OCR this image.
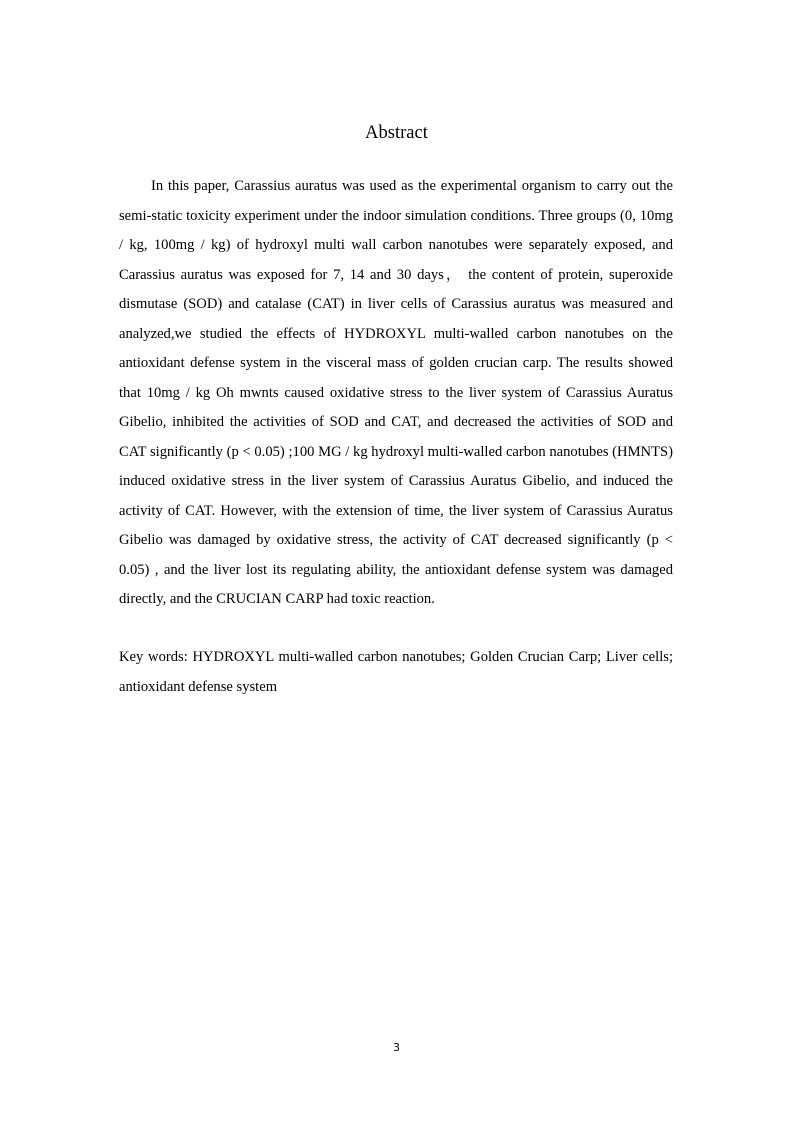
Abstract

In this paper, Carassius auratus was used as the experimental organism to carry out the semi-static toxicity experiment under the indoor simulation conditions. Three groups (0, 10mg / kg, 100mg / kg) of hydroxyl multi wall carbon nanotubes were separately exposed, and Carassius auratus was exposed for 7, 14 and 30 days， the content of protein, superoxide dismutase (SOD) and catalase (CAT) in liver cells of Carassius auratus was measured and analyzed,we studied the effects of HYDROXYL multi-walled carbon nanotubes on the antioxidant defense system in the visceral mass of golden crucian carp. The results showed that 10mg / kg Oh mwnts caused oxidative stress to the liver system of Carassius Auratus Gibelio, inhibited the activities of SOD and CAT, and decreased the activities of SOD and CAT significantly (p < 0.05) ;100 MG / kg hydroxyl multi-walled carbon nanotubes (HMNTS) induced oxidative stress in the liver system of Carassius Auratus Gibelio, and induced the activity of CAT. However, with the extension of time, the liver system of Carassius Auratus Gibelio was damaged by oxidative stress, the activity of CAT decreased significantly (p < 0.05) , and the liver lost its regulating ability, the antioxidant defense system was damaged directly, and the CRUCIAN CARP had toxic reaction.

Key words: HYDROXYL multi-walled carbon nanotubes; Golden Crucian Carp; Liver cells; antioxidant defense system

3
